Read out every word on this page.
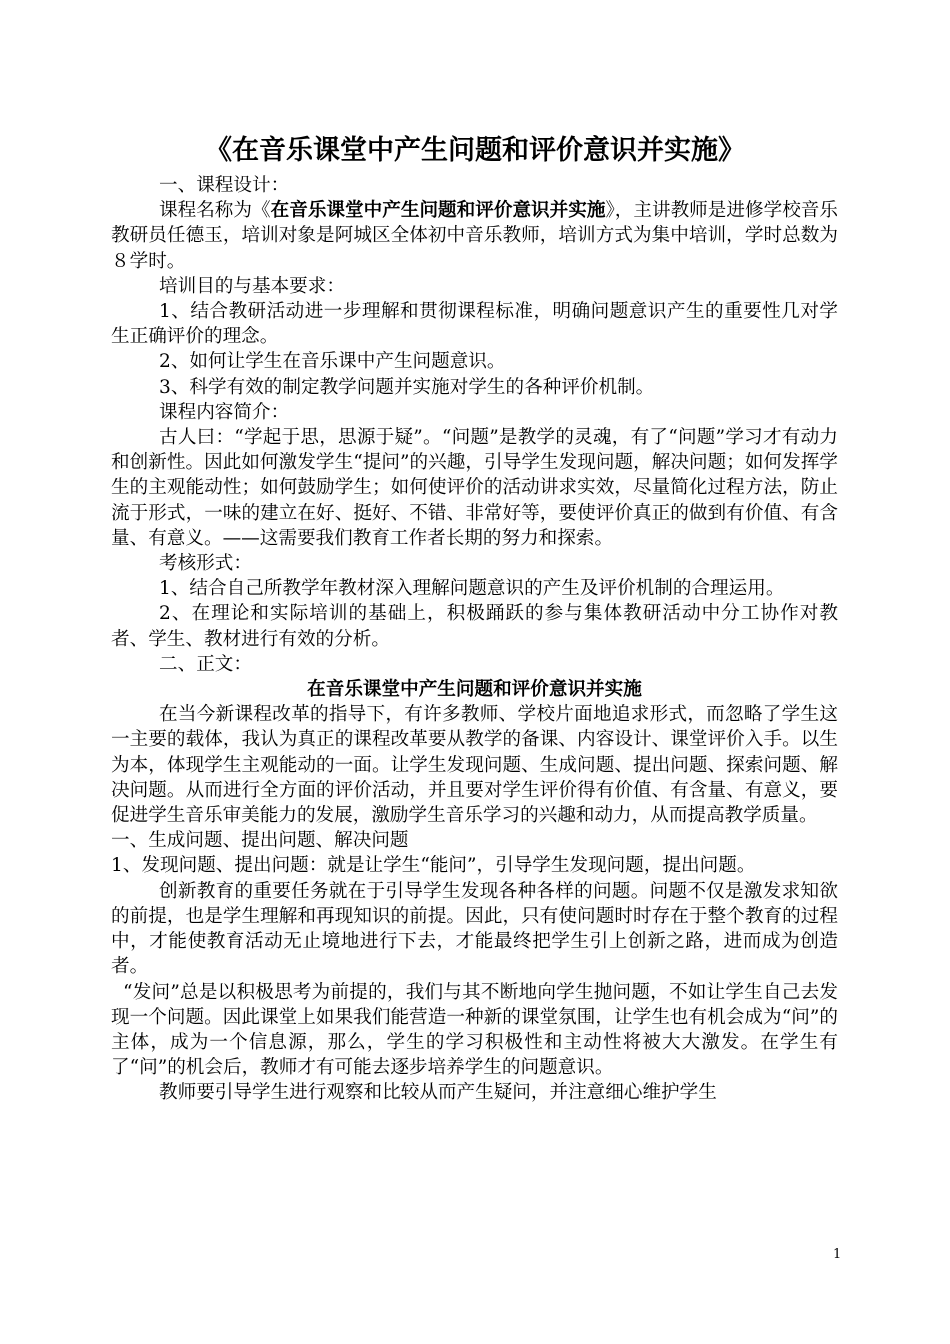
《在音乐课堂中产生问题和评价意识并实施》

一、课程设计：

课程名称为《在音乐课堂中产生问题和评价意识并实施》，主讲教师是进修学校音乐教研员任德玉，培训对象是阿城区全体初中音乐教师，培训方式为集中培训，学时总数为８学时。

培训目的与基本要求：

1、结合教研活动进一步理解和贯彻课程标准，明确问题意识产生的重要性几对学生正确评价的理念。

2、如何让学生在音乐课中产生问题意识。

3、科学有效的制定教学问题并实施对学生的各种评价机制。

课程内容简介：

古人曰：“学起于思，思源于疑”。“问题”是教学的灵魂，有了“问题”学习才有动力和创新性。因此如何激发学生“提问”的兴趣，引导学生发现问题，解决问题；如何发挥学生的主观能动性；如何鼓励学生；如何使评价的活动讲求实效，尽量简化过程方法，防止流于形式，一味的建立在好、挺好、不错、非常好等，要使评价真正的做到有价值、有含量、有意义。——这需要我们教育工作者长期的努力和探索。

考核形式：

1、结合自己所教学年教材深入理解问题意识的产生及评价机制的合理运用。

2、在理论和实际培训的基础上，积极踊跃的参与集体教研活动中分工协作对教者、学生、教材进行有效的分析。

二、正文：

在音乐课堂中产生问题和评价意识并实施

在当今新课程改革的指导下，有许多教师、学校片面地追求形式，而忽略了学生这一主要的载体，我认为真正的课程改革要从教学的备课、内容设计、课堂评价入手。以生为本，体现学生主观能动的一面。让学生发现问题、生成问题、提出问题、探索问题、解决问题。从而进行全方面的评价活动，并且要对学生评价得有价值、有含量、有意义，要促进学生音乐审美能力的发展，激励学生音乐学习的兴趣和动力，从而提高教学质量。

一、生成问题、提出问题、解决问题

1、发现问题、提出问题：就是让学生“能问”，引导学生发现问题，提出问题。

创新教育的重要任务就在于引导学生发现各种各样的问题。问题不仅是激发求知欲的前提，也是学生理解和再现知识的前提。因此，只有使问题时时存在于整个教育的过程中，才能使教育活动无止境地进行下去，才能最终把学生引上创新之路，进而成为创造者。

“发问”总是以积极思考为前提的，我们与其不断地向学生抛问题，不如让学生自己去发现一个问题。因此课堂上如果我们能营造一种新的课堂氛围，让学生也有机会成为“问”的主体，成为一个信息源，那么，学生的学习积极性和主动性将被大大激发。在学生有了“问”的机会后，教师才有可能去逐步培养学生的问题意识。

教师要引导学生进行观察和比较从而产生疑问，并注意细心维护学生

1
